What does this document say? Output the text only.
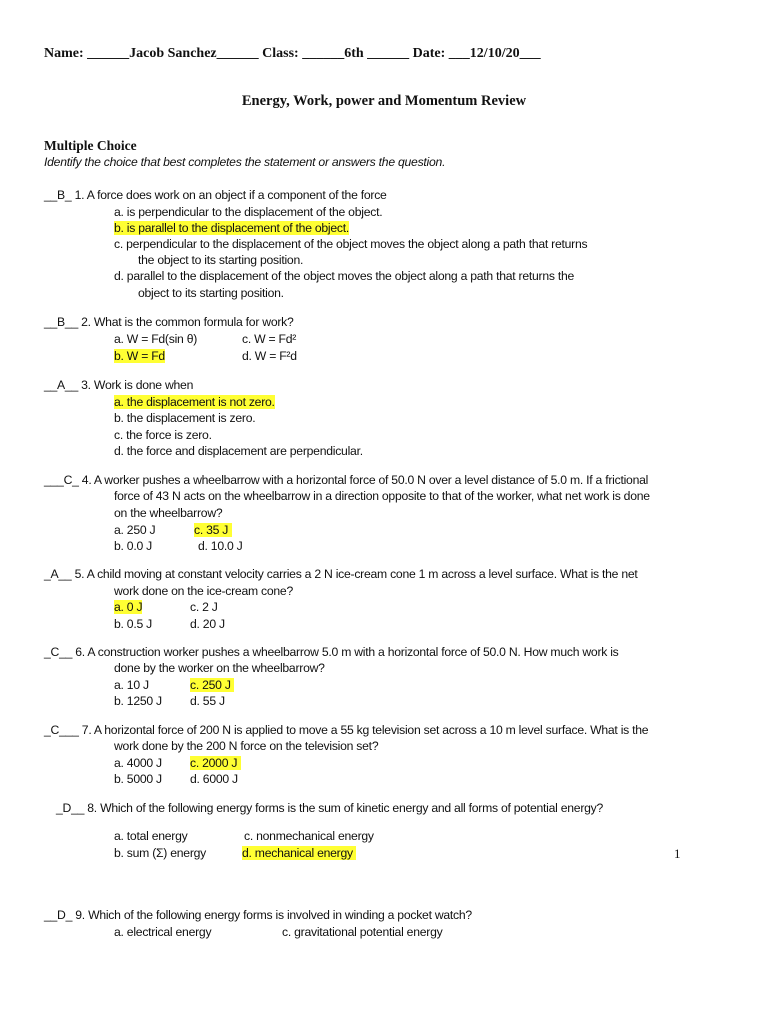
Name: ______Jacob Sanchez______ Class: ______6th ______ Date: ___12/10/20___
Energy, Work, power and Momentum Review
Multiple Choice
Identify the choice that best completes the statement or answers the question.
__B_ 1. A force does work on an object if a component of the force
a. is perpendicular to the displacement of the object.
b. is parallel to the displacement of the object.
c. perpendicular to the displacement of the object moves the object along a path that returns
the object to its starting position.
d. parallel to the displacement of the object moves the object along a path that returns the
object to its starting position.
__B__ 2. What is the common formula for work?
a. W = Fd(sin θ)	c. W = Fd²
b. W = Fd	d. W = F²d
__A__ 3. Work is done when
a. the displacement is not zero.
b. the displacement is zero.
c. the force is zero.
d. the force and displacement are perpendicular.
___C_ 4. A worker pushes a wheelbarrow with a horizontal force of 50.0 N over a level distance of 5.0 m. If a frictional
force of 43 N acts on the wheelbarrow in a direction opposite to that of the worker, what net work is done
on the wheelbarrow?
a. 250 J	c. 35 J
b. 0.0 J	d. 10.0 J
_A__ 5. A child moving at constant velocity carries a 2 N ice-cream cone 1 m across a level surface. What is the net
work done on the ice-cream cone?
a. 0 J	c. 2 J
b. 0.5 J	d. 20 J
_C__ 6. A construction worker pushes a wheelbarrow 5.0 m with a horizontal force of 50.0 N. How much work is
done by the worker on the wheelbarrow?
a. 10 J	c. 250 J
b. 1250 J d. 55 J
_C___ 7. A horizontal force of 200 N is applied to move a 55 kg television set across a 10 m level surface. What is the
work done by the 200 N force on the television set?
a. 4000 J c. 2000 J
b. 5000 J d. 6000 J
_D__ 8. Which of the following energy forms is the sum of kinetic energy and all forms of potential energy?
a. total energy	c. nonmechanical energy
b. sum (Σ) energy	d. mechanical energy	1
__D_ 9. Which of the following energy forms is involved in winding a pocket watch?
a. electrical energy	c. gravitational potential energy
